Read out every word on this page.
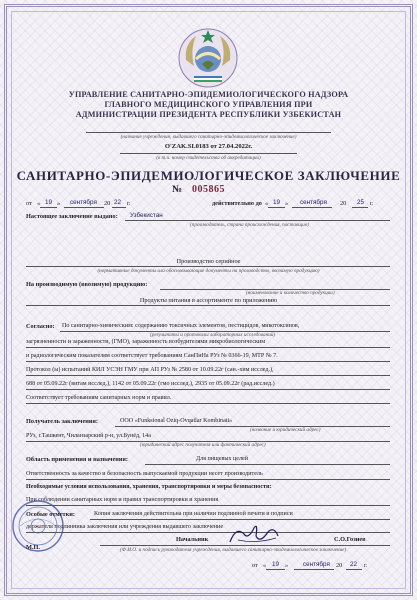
УПРАВЛЕНИЕ САНИТАРНО-ЭПИДЕМИОЛОГИЧЕСКОГО НАДЗОРА
ГЛАВНОГО МЕДИЦИНСКОГО УПРАВЛЕНИЯ ПРИ
АДМИНИСТРАЦИИ ПРЕЗИДЕНТА РЕСПУБЛИКИ УЗБЕКИСТАН
(название учреждения, выдавшего санитарно-эпидемиологическое заключение)
O'ZAK.SI.0183 от 27.04.2022г.
(в т.ч. номер свидетельства об аккредитации)
САНИТАРНО-ЭПИДЕМИОЛОГИЧЕСКОЕ ЗАКЛЮЧЕНИЕ
№ 005865
от « 19 » сентября 20 22 г.	действительно до « 19 » сентября 20 25 г.
Настоящее заключение выдано: Узбекистан
(производитель, страна происхождения, поставщик)
Производство серийное
(нормативные документы или обосновывающие документы на производство, ввозимую продукцию)
На производимую (ввозимую) продукцию:
(наименование и количество продукции)
Продукты питания в ассортименте по приложению
Согласно: По санитарно-химическим: содержанию токсичных элементов, пестицидов, микотоксинов,
(результаты и протоколы лабораторных исследований)
загрязненности и зараженности, (ГМО), зараженность возбудителями микробиологическим
и радиологическим показателям соответствует требованиям СанПиНа РУз № 0366-19, МТР № 7.
Протокол (ы) испытаний КИЛ УСЭН ГМУ при АП РУз № 2580 от 10.09.22г (сан.-хим исслед.),
688 от 05.09.22г (витам исслед.), 1142 от 05.09.22г (гмо исслед.), 2935 от 05.09.22г (рад.исслед.)
Соответствует требованиям санитарных норм и правил.
Получатель заключения:	ООО «Funksional Oziq-Ovqatlar Kombinati»
(название и юридический адрес)
РУз, г.Ташкент, Чиланзарский р-н, ул.Бунёд, 14а
(юридический адрес получателя или фактический адрес)
Область применения и назначения:	Для пищевых целей
Ответственность за качество и безопасность выпускаемой продукции несет производитель
Необходимые условия использования, хранения, транспортировки и меры безопасности:
При соблюдении санитарных норм и правил транспортировки и хранения
Особые отметки:	Копия заключения действительна при наличии подлинной печати и подписи
держателя подлинника заключения или учреждения выдавшего заключение
М.П.
Начальник	С.О.Гозиев
(Ф.И.О. и подпись руководителя учреждения, выдавшего санитарно-эпидемиологическое заключение)
от « 19 » сентября 20 22 г.
